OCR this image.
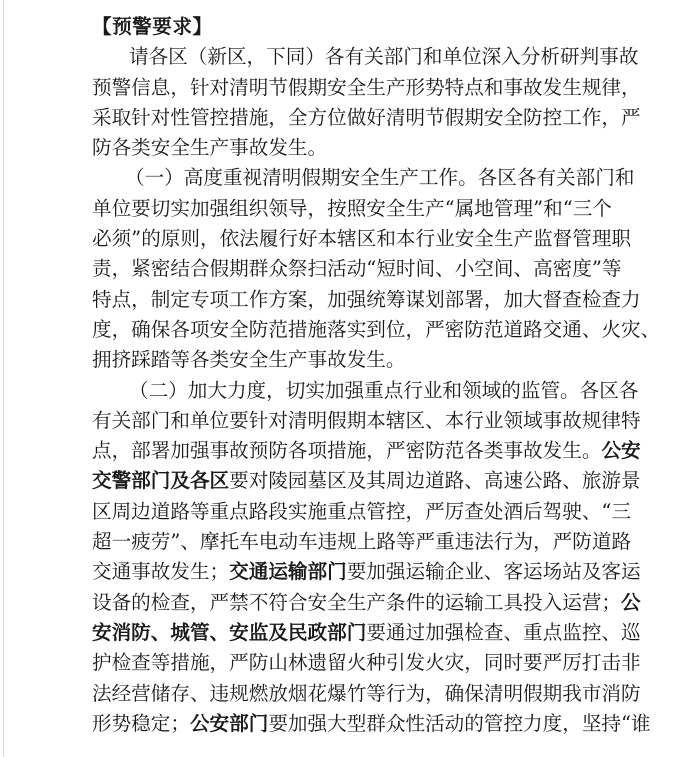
【预警要求】
请各区（新区，下同）各有关部门和单位深入分析研判事故
预警信息，针对清明节假期安全生产形势特点和事故发生规律，
采取针对性管控措施，全方位做好清明节假期安全防控工作，严
防各类安全生产事故发生。
（一）高度重视清明假期安全生产工作。各区各有关部门和
单位要切实加强组织领导，按照安全生产“属地管理”和“三个
必须”的原则，依法履行好本辖区和本行业安全生产监督管理职
责，紧密结合假期群众祭扫活动“短时间、小空间、高密度”等
特点，制定专项工作方案，加强统筹谋划部署，加大督查检查力
度，确保各项安全防范措施落实到位，严密防范道路交通、火灾、
拥挤踩踏等各类安全生产事故发生。
（二）加大力度，切实加强重点行业和领域的监管。各区各
有关部门和单位要针对清明假期本辖区、本行业领域事故规律特
点，部署加强事故预防各项措施，严密防范各类事故发生。公安
交警部门及各区要对陵园墓区及其周边道路、高速公路、旅游景
区周边道路等重点路段实施重点管控，严厉查处酒后驾驶、“三
超一疲劳”、摩托车电动车违规上路等严重违法行为，严防道路
交通事故发生；交通运输部门要加强运输企业、客运场站及客运
设备的检查，严禁不符合安全生产条件的运输工具投入运营；公
安消防、城管、安监及民政部门要通过加强检查、重点监控、巡
护检查等措施，严防山林遗留火种引发火灾，同时要严厉打击非
法经营储存、违规燃放烟花爆竹等行为，确保清明假期我市消防
形势稳定；公安部门要加强大型群众性活动的管控力度，坚持“谁
